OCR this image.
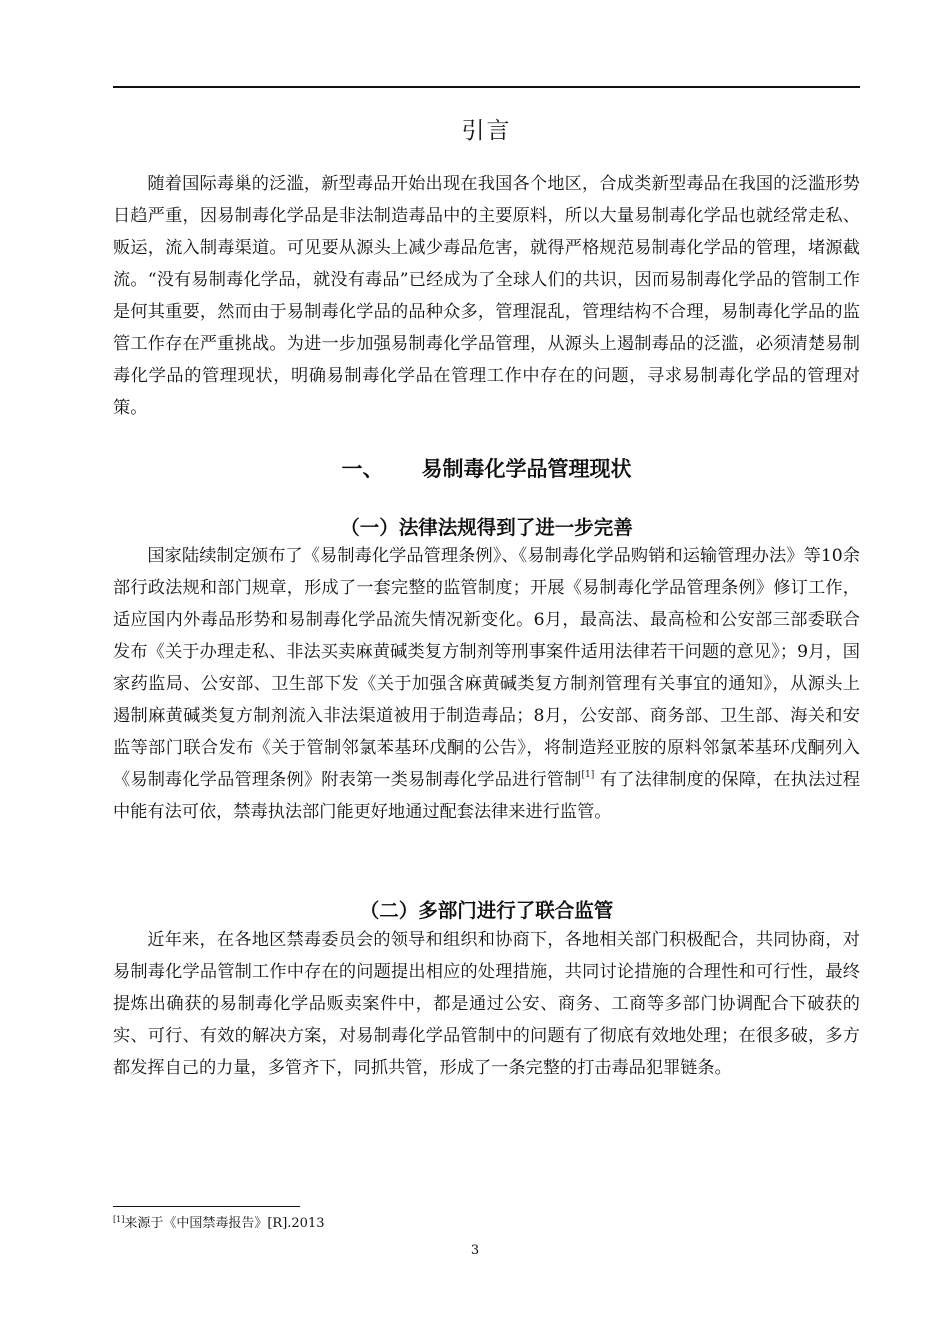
引言

随着国际毒巢的泛滥，新型毒品开始出现在我国各个地区，合成类新型毒品在我国的泛滥形势日趋严重，因易制毒化学品是非法制造毒品中的主要原料，所以大量易制毒化学品也就经常走私、贩运，流入制毒渠道。可见要从源头上减少毒品危害，就得严格规范易制毒化学品的管理，堵源截流。“没有易制毒化学品，就没有毒品”已经成为了全球人们的共识，因而易制毒化学品的管制工作是何其重要，然而由于易制毒化学品的品种众多，管理混乱，管理结构不合理，易制毒化学品的监管工作存在严重挑战。为进一步加强易制毒化学品管理，从源头上遏制毒品的泛滥，必须清楚易制毒化学品的管理现状，明确易制毒化学品在管理工作中存在的问题，寻求易制毒化学品的管理对策。

一、 易制毒化学品管理现状
（一）法律法规得到了进一步完善

国家陆续制定颁布了《易制毒化学品管理条例》、《易制毒化学品购销和运输管理办法》等10余部行政法规和部门规章，形成了一套完整的监管制度；开展《易制毒化学品管理条例》修订工作，适应国内外毒品形势和易制毒化学品流失情况新变化。6月，最高法、最高检和公安部三部委联合发布《关于办理走私、非法买卖麻黄碱类复方制剂等刑事案件适用法律若干问题的意见》；9月，国家药监局、公安部、卫生部下发《关于加强含麻黄碱类复方制剂管理有关事宜的通知》，从源头上遏制麻黄碱类复方制剂流入非法渠道被用于制造毒品；8月，公安部、商务部、卫生部、海关和安监等部门联合发布《关于管制邻氯苯基环戊酮的公告》，将制造羟亚胺的原料邻氯苯基环戊酮列入《易制毒化学品管理条例》附表第一类易制毒化学品进行管制[1] 有了法律制度的保障，在执法过程中能有法可依，禁毒执法部门能更好地通过配套法律来进行监管。

（二）多部门进行了联合监管

近年来，在各地区禁毒委员会的领导和组织和协商下，各地相关部门积极配合，共同协商，对易制毒化学品管制工作中存在的问题提出相应的处理措施，共同讨论措施的合理性和可行性，最终提炼出确获的易制毒化学品贩卖案件中，都是通过公安、商务、工商等多部门协调配合下破获的实、可行、有效的解决方案，对易制毒化学品管制中的问题有了彻底有效地处理；在很多破，多方都发挥自己的力量，多管齐下，同抓共管，形成了一条完整的打击毒品犯罪链条。

[1]来源于《中国禁毒报告》[R].2013
3
